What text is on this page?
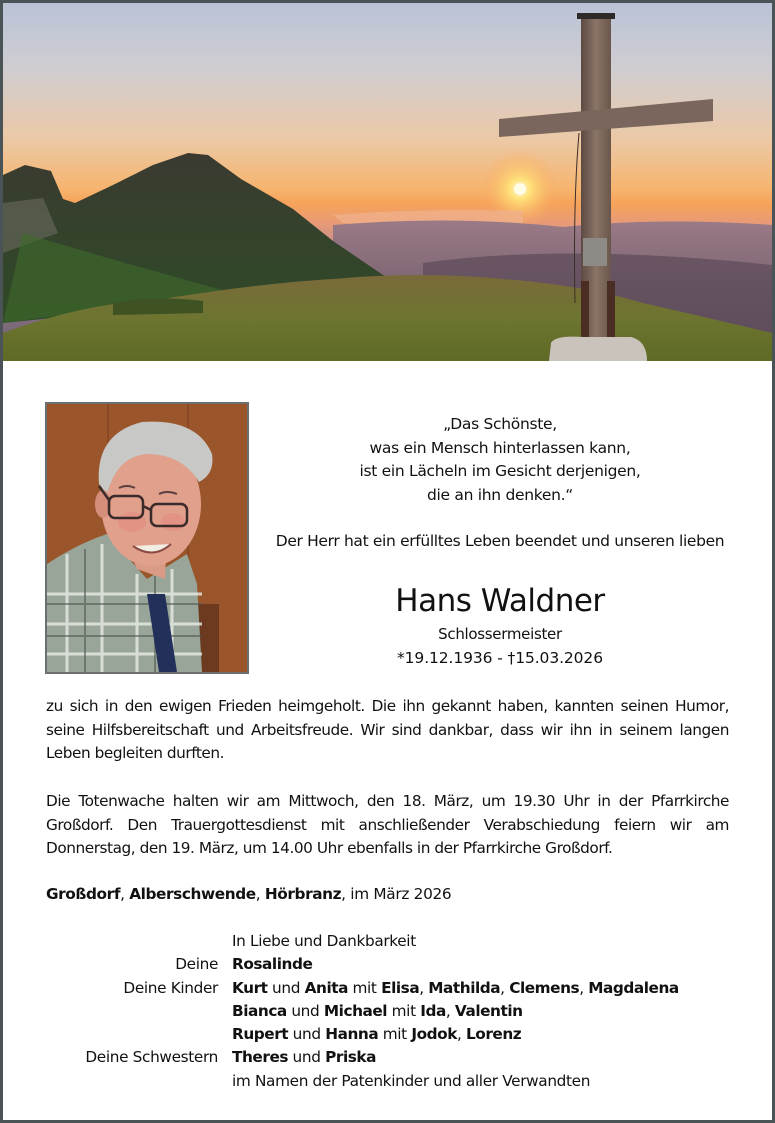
„Das Schönste,
was ein Mensch hinterlassen kann,
ist ein Lächeln im Gesicht derjenigen,
die an ihn denken.“
Der Herr hat ein erfülltes Leben beendet und unseren lieben
Hans Waldner
Schlossermeister
*19.12.1936 - †15.03.2026
zu sich in den ewigen Frieden heimgeholt. Die ihn gekannt haben, kannten seinen Humor, seine Hilfsbereitschaft und Arbeitsfreude. Wir sind dankbar, dass wir ihn in seinem langen Leben begleiten durften.
Die Totenwache halten wir am Mittwoch, den 18. März, um 19.30 Uhr in der Pfarrkirche Großdorf. Den Trauergottesdienst mit anschließender Verabschiedung feiern wir am Donnerstag, den 19. März, um 14.00 Uhr ebenfalls in der Pfarrkirche Großdorf.
Großdorf, Alberschwende, Hörbranz, im März 2026
In Liebe und Dankbarkeit
Deine Rosalinde
Deine Kinder Kurt und Anita mit Elisa, Mathilda, Clemens, Magdalena
Bianca und Michael mit Ida, Valentin
Rupert und Hanna mit Jodok, Lorenz
Deine Schwestern Theres und Priska
im Namen der Patenkinder und aller Verwandten
